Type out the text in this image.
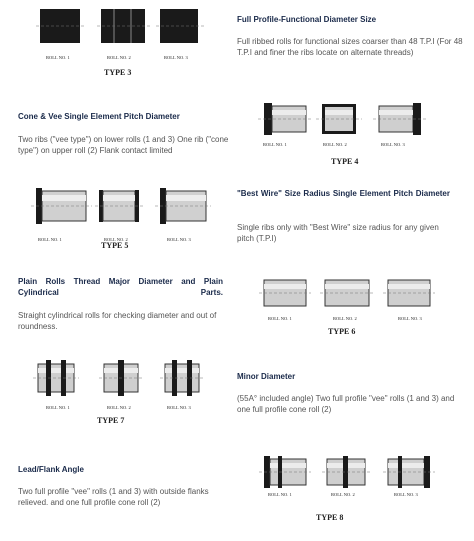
ROLL NO. 1	ROLL NO. 2	ROLL NO. 3
TYPE 3

Full Profile-Functional Diameter Size

Full ribbed rolls for functional sizes coarser than 48 T.P.I (For 48 T.P.I and finer the ribs locate on alternate threads)

Cone & Vee Single Element Pitch Diameter

Two ribs ("vee type") on lower rolls (1 and 3) One rib ("cone type") on upper roll (2) Flank contact limited

ROLL NO. 1	ROLL NO. 2	ROLL NO. 3
TYPE 4
ROLL NO. 1	ROLL NO. 2	ROLL NO. 3
TYPE 5

"Best Wire" Size Radius Single Element Pitch Diameter

Single ribs only with "Best Wire" size radius for any given pitch (T.P.I)

Plain Rolls Thread Major Diameter and Plain Cylindrical Parts.

Straight cylindrical rolls for checking diameter and out of roundness.

ROLL NO. 1	ROLL NO. 2	ROLL NO. 3
TYPE 6
ROLL NO. 1	ROLL NO. 2	ROLL NO. 3
TYPE 7

Minor Diameter

(55A° included angle) Two full profile "vee" rolls (1 and 3) and one full profile cone roll (2)

Lead/Flank Angle

Two full profile "vee" rolls (1 and 3) with outside flanks relieved. and one full profile cone roll (2)

ROLL NO. 1	ROLL NO. 2	ROLL NO. 3
TYPE 8
